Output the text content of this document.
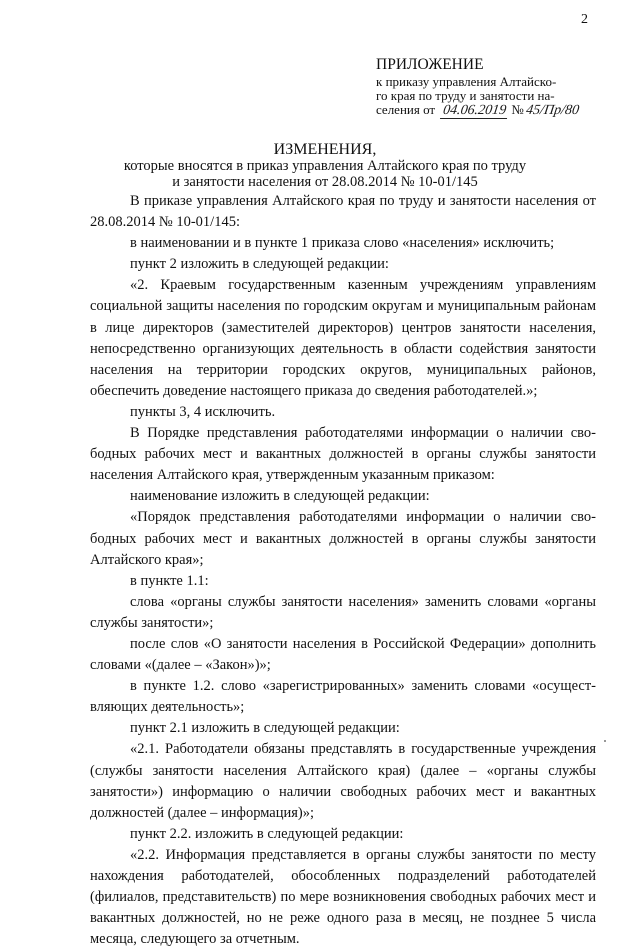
2
ПРИЛОЖЕНИЕ
к приказу управления Алтайско-
го края по труду и занятости на-
селения от 04.06.2019 №45/Пр/80
ИЗМЕНЕНИЯ,
которые вносятся в приказ управления Алтайского края по труду
и занятости населения от 28.08.2014 № 10-01/145

В приказе управления Алтайского края по труду и занятости населения от 28.08.2014 № 10-01/145:

в наименовании и в пункте 1 приказа слово «населения» исключить;

пункт 2 изложить в следующей редакции:

«2. Краевым государственным казенным учреждениям управлениям социальной защиты населения по городским округам и муниципальным районам в лице директоров (заместителей директоров) центров занятости населения, непосредственно организующих деятельность в области содействия занятости населения на территории городских округов, муниципальных районов, обеспечить доведение настоящего приказа до сведения работодателей.»;

пункты 3, 4 исключить.

В Порядке представления работодателями информации о наличии свободных рабочих мест и вакантных должностей в органы службы занятости населения Алтайского края, утвержденным указанным приказом:

наименование изложить в следующей редакции:

«Порядок представления работодателями информации о наличии свободных рабочих мест и вакантных должностей в органы службы занятости Алтайского края»;

в пункте 1.1:

слова «органы службы занятости населения» заменить словами «органы службы занятости»;

после слов «О занятости населения в Российской Федерации» дополнить словами «(далее – «Закон»)»;

в пункте 1.2. слово «зарегистрированных» заменить словами «осуществляющих деятельность»;

пункт 2.1 изложить в следующей редакции:

«2.1. Работодатели обязаны представлять в государственные учреждения (службы занятости населения Алтайского края) (далее – «органы службы занятости») информацию о наличии свободных рабочих мест и вакантных должностей (далее – информация)»;

пункт 2.2. изложить в следующей редакции:

«2.2. Информация представляется в органы службы занятости по месту нахождения работодателей, обособленных подразделений работодателей (филиалов, представительств) по мере возникновения свободных рабочих мест и вакантных должностей, но не реже одного раза в месяц, не позднее 5 числа месяца, следующего за отчетным.
